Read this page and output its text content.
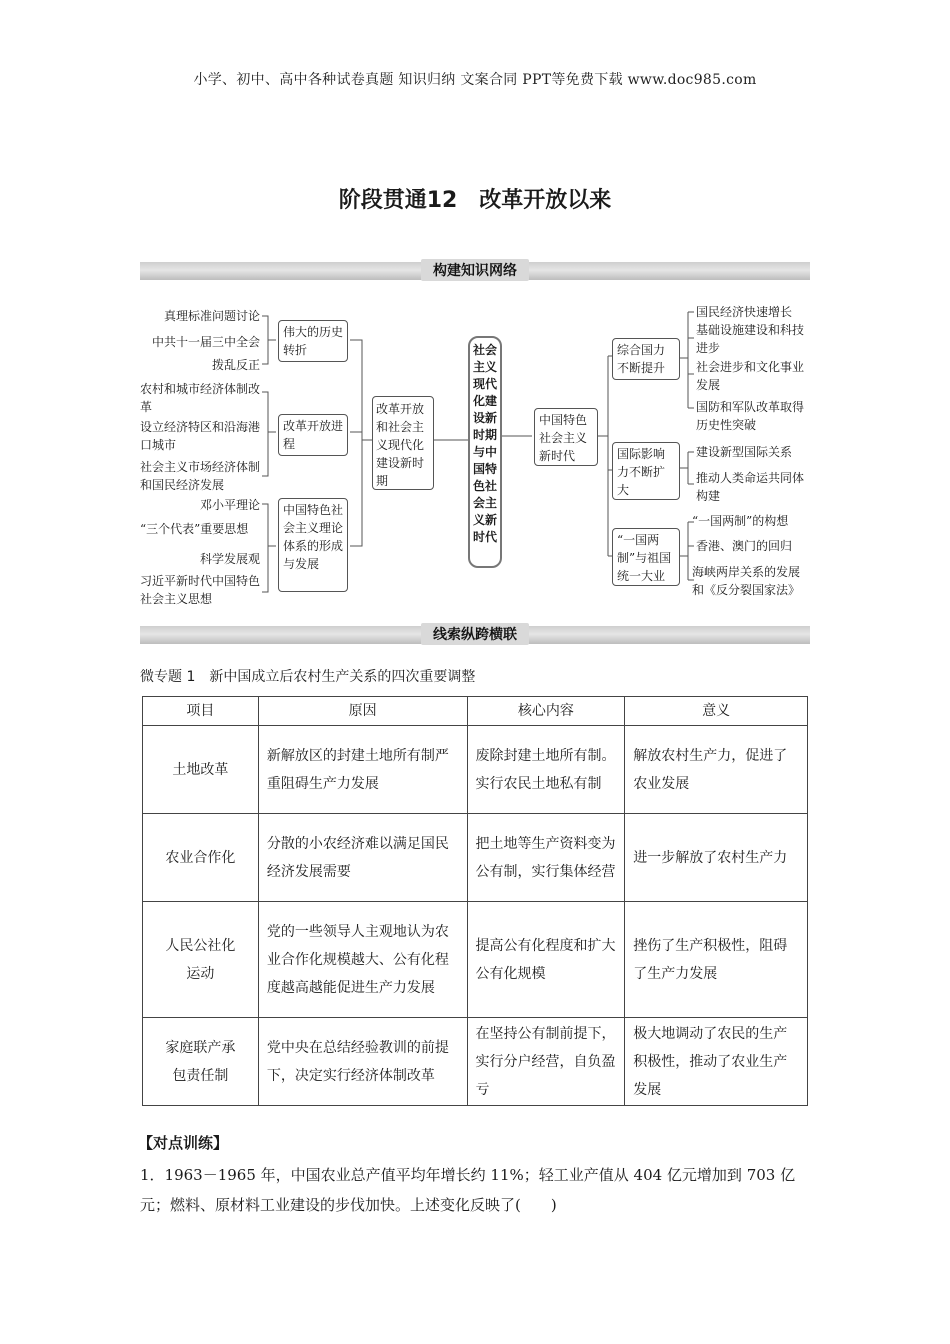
小学、初中、高中各种试卷真题 知识归纳 文案合同 PPT等免费下载 www.doc985.com
阶段贯通12　改革开放以来
构建知识网络
真理标准问题讨论
中共十一届三中全会
拨乱反正
农村和城市经济体制改革
设立经济特区和沿海港口城市
社会主义市场经济体制和国民经济发展
邓小平理论
“三个代表”重要思想
科学发展观
习近平新时代中国特色社会主义思想
伟大的历史转折
改革开放进程
中国特色社会主义理论体系的形成与发展
改革开放和社会主义现代化建设新时期
社会主义现代化建设新时期与中国特色社会主义新时代
中国特色社会主义新时代
综合国力不断提升
国际影响力不断扩大
“一国两制”与祖国统一大业
国民经济快速增长
基础设施建设和科技进步
社会进步和文化事业发展
国防和军队改革取得历史性突破
建设新型国际关系
推动人类命运共同体构建
“一国两制”的构想
香港、澳门的回归
海峡两岸关系的发展和《反分裂国家法》
线索纵跨横联
微专题 1　新中国成立后农村生产关系的四次重要调整
项目	原因	核心内容	意义
土地改革	新解放区的封建土地所有制严重阻碍生产力发展	废除封建土地所有制。实行农民土地私有制	解放农村生产力，促进了农业发展
农业合作化	分散的小农经济难以满足国民经济发展需要	把土地等生产资料变为公有制，实行集体经营	进一步解放了农村生产力
人民公社化运动	党的一些领导人主观地认为农业合作化规模越大、公有化程度越高越能促进生产力发展	提高公有化程度和扩大公有化规模	挫伤了生产积极性，阻碍了生产力发展
家庭联产承包责任制	党中央在总结经验教训的前提下，决定实行经济体制改革	在坚持公有制前提下，实行分户经营，自负盈亏	极大地调动了农民的生产积极性，推动了农业生产发展
【对点训练】
1．1963－1965 年，中国农业总产值平均年增长约 11%；轻工业产值从 404 亿元增加到 703 亿元；燃料、原材料工业建设的步伐加快。上述变化反映了(　　)
